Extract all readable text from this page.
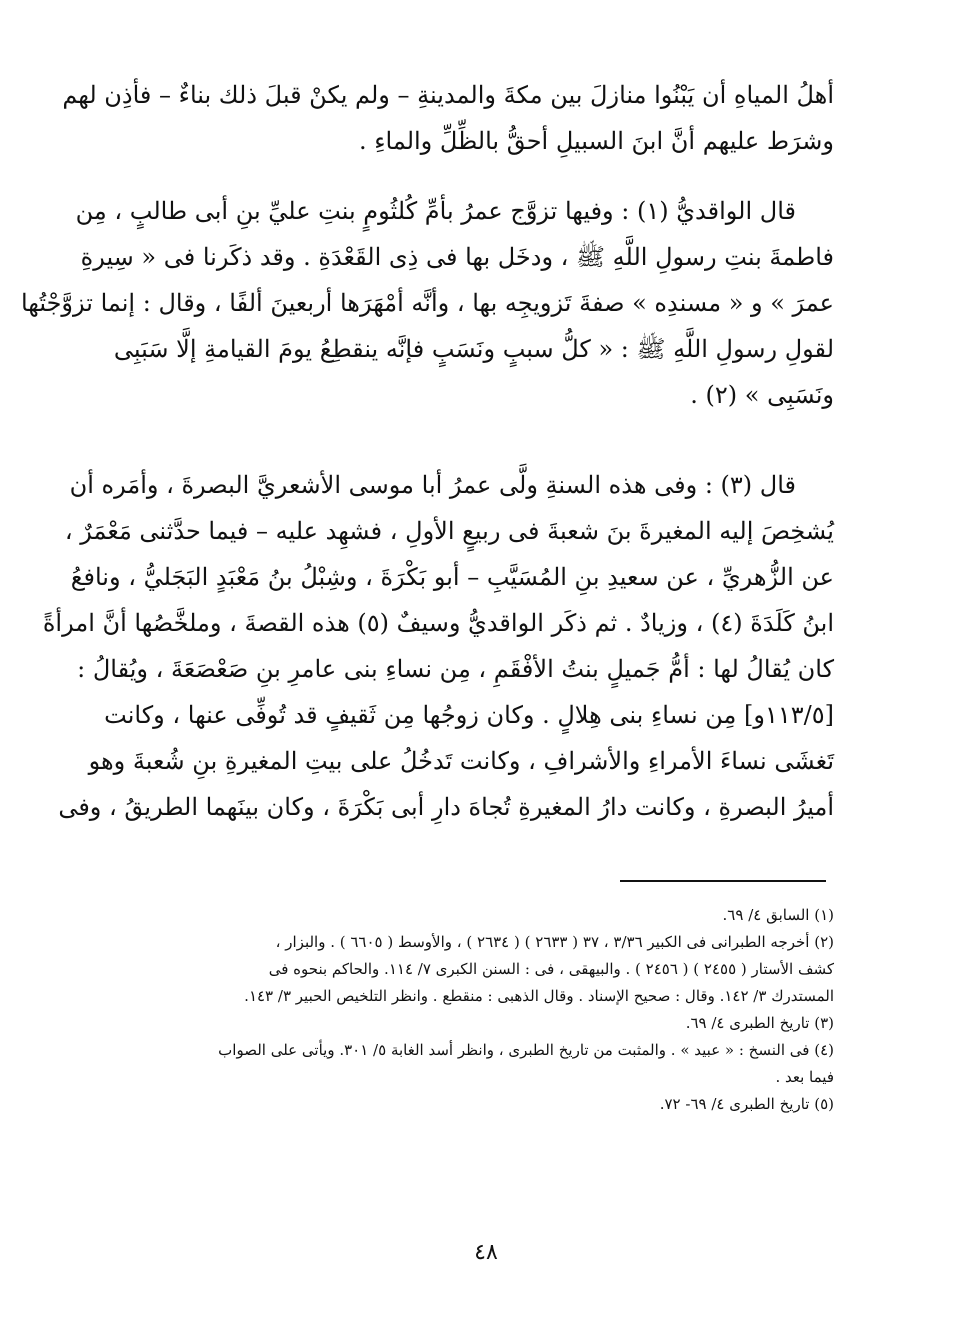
أهلُ المياهِ أن يَبْنُوا منازلَ بين مكةَ والمدينةِ – ولم يكنْ قبلَ ذلك بناءٌ – فأذِن لهم
وشرَط عليهم أنَّ ابنَ السبيلِ أحقُّ بالظِّلِّ والماءِ .

قال الواقديُّ (١) : وفيها تزوَّج عمرُ بأمِّ كُلثُومٍ بنتِ عليِّ بنِ أبى طالبٍ ، مِن
فاطمةَ بنتِ رسولِ اللَّهِ ﷺ ، ودخَل بها فى ذِى القَعْدَةِ . وقد ذكَرنا فى « سِيرةِ
عمرَ » و « مسندِه » صفةَ تَزويجِه بها ، وأنَّه أمْهَرَها أربعينَ ألفًا ، وقال : إنما تزوَّجْتُها
لقولِ رسولِ اللَّهِ ﷺ : « كلُّ سببٍ ونَسَبٍ فإنَّه ينقطِعُ يومَ القيامةِ إلَّا سَبَبِى
ونَسَبِى » (٢) .

قال (٣) : وفى هذه السنةِ ولَّى عمرُ أبا موسى الأشعريَّ البصرةَ ، وأمَره أن
يُشخِصَ إليه المغيرةَ بنَ شعبةَ فى ربيعٍ الأولِ ، فشهِد عليه – فيما حدَّثنى مَعْمَرٌ ،
عن الزُّهريِّ ، عن سعيدِ بنِ المُسَيَّبِ – أبو بَكْرَةَ ، وشِبْلُ بنُ مَعْبَدٍ البَجَليُّ ، ونافعُ
ابنُ كَلَدَةَ (٤) ، وزيادٌ . ثم ذكَر الواقديُّ وسيفٌ (٥) هذه القصةَ ، وملخَّصُها أنَّ امرأةً
كان يُقالُ لها : أمُّ جَميلٍ بنتُ الأفْقَمِ ، مِن نساءِ بنى عامرِ بنِ صَعْصَعَةَ ، ويُقالُ :
[١١٣/٥و] مِن نساءِ بنى هِلالٍ . وكان زوجُها مِن ثَقيفٍ قد تُوفِّى عنها ، وكانت
تَغشَى نساءَ الأمراءِ والأشرافِ ، وكانت تَدخُلُ على بيتِ المغيرةِ بنِ شُعبةَ وهو
أميرُ البصرةِ ، وكانت دارُ المغيرةِ تُجاهَ دارِ أبى بَكْرَةَ ، وكان بينَهما الطريقُ ، وفى

(١) السابق ٤/ ٦٩.

(٢) أخرجه الطبرانى فى الكبير ٣/٣٦ ، ٣٧ ( ٢٦٣٣ ) ( ٢٦٣٤ ) ، والأوسط ( ٦٦٠٥ ) . والبزار ،
كشف الأستار ( ٢٤٥٥ ) ( ٢٤٥٦ ) . والبيهقى ، فى : السنن الكبرى ٧/ ١١٤. والحاكم بنحوه فى
المستدرك ٣/ ١٤٢. وقال : صحيح الإسناد . وقال الذهبى : منقطع . وانظر التلخيص الحبير ٣/ ١٤٣.

(٣) تاريخ الطبرى ٤/ ٦٩.

(٤) فى النسخ : « عبيد » . والمثبت من تاريخ الطبرى ، وانظر أسد الغابة ٥/ ٣٠١. ويأتى على الصواب
فيما بعد .

(٥) تاريخ الطبرى ٤/ ٦٩- ٧٢.

٤٨
